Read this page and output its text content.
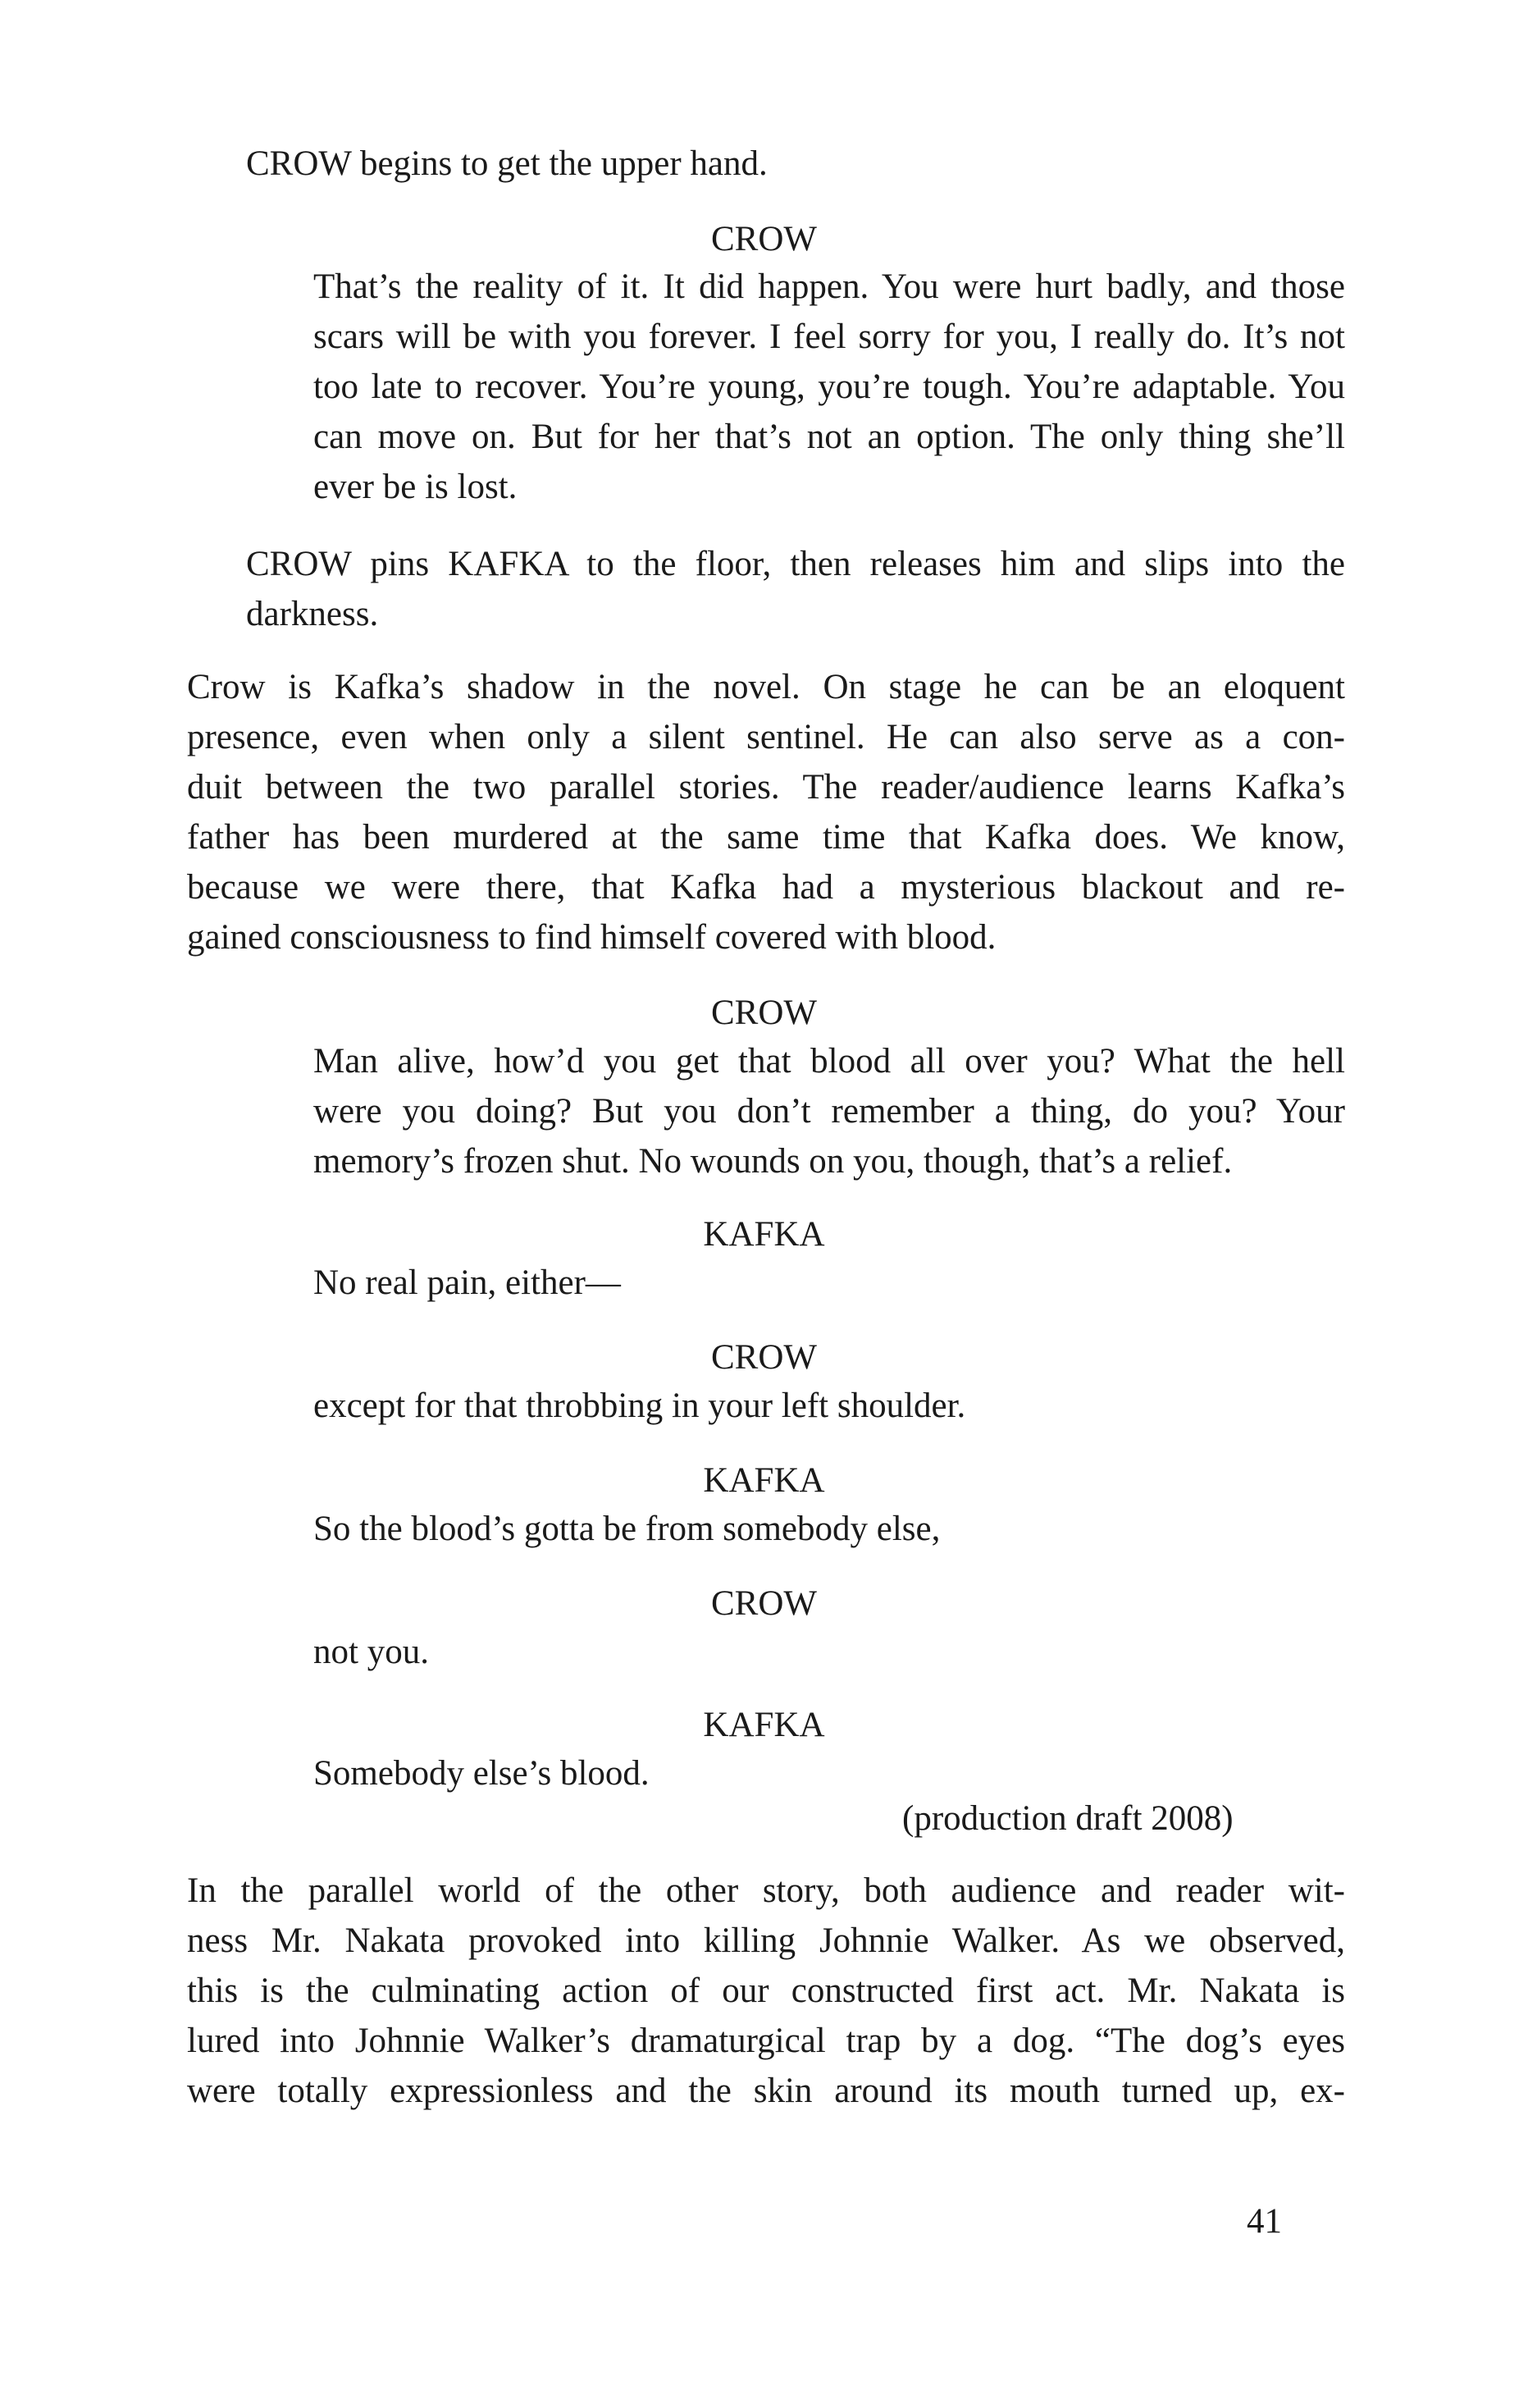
CROW begins to get the upper hand.
CROW
That’s the reality of it. It did happen. You were hurt badly, and those
scars will be with you forever. I feel sorry for you, I really do. It’s not
too late to recover. You’re young, you’re tough. You’re adaptable. You
can move on. But for her that’s not an option. The only thing she’ll
ever be is lost.
CROW pins KAFKA to the floor, then releases him and slips into the
darkness.
Crow is Kafka’s shadow in the novel. On stage he can be an eloquent
presence, even when only a silent sentinel. He can also serve as a con-
duit between the two parallel stories. The reader/audience learns Kafka’s
father has been murdered at the same time that Kafka does. We know,
because we were there, that Kafka had a mysterious blackout and re-
gained consciousness to find himself covered with blood.
CROW
Man alive, how’d you get that blood all over you? What the hell
were you doing? But you don’t remember a thing, do you? Your
memory’s frozen shut. No wounds on you, though, that’s a relief.
KAFKA
No real pain, either—
CROW
except for that throbbing in your left shoulder.
KAFKA
So the blood’s gotta be from somebody else,
CROW
not you.
KAFKA
Somebody else’s blood.
(production draft 2008)
In the parallel world of the other story, both audience and reader wit-
ness Mr. Nakata provoked into killing Johnnie Walker. As we observed,
this is the culminating action of our constructed first act. Mr. Nakata is
lured into Johnnie Walker’s dramaturgical trap by a dog. “The dog’s eyes
were totally expressionless and the skin around its mouth turned up, ex-
41
